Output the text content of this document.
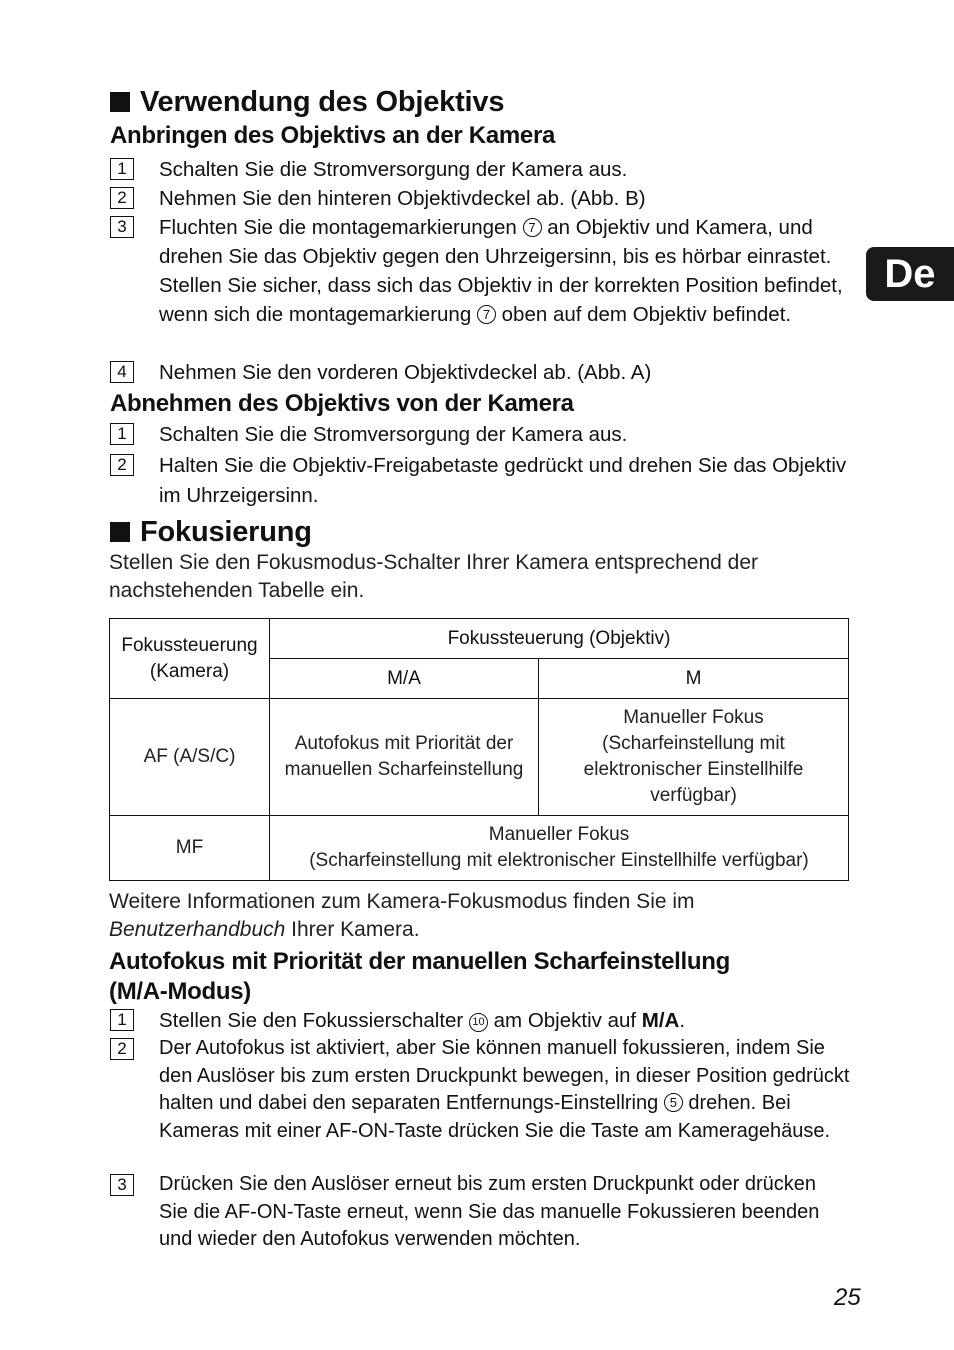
De
Verwendung des Objektivs
Anbringen des Objektivs an der Kamera
1	Schalten Sie die Stromversorgung der Kamera aus.
2	Nehmen Sie den hinteren Objektivdeckel ab. (Abb. B)
3	Fluchten Sie die montagemarkierungen 7 an Objektiv und Kamera, und drehen Sie das Objektiv gegen den Uhrzeigersinn, bis es hörbar einrastet. Stellen Sie sicher, dass sich das Objektiv in der korrekten Position befindet, wenn sich die montagemarkierung 7 oben auf dem Objektiv befindet.
4	Nehmen Sie den vorderen Objektivdeckel ab. (Abb. A)
Abnehmen des Objektivs von der Kamera
1	Schalten Sie die Stromversorgung der Kamera aus.
2	Halten Sie die Objektiv-Freigabetaste gedrückt und drehen Sie das Objektiv im Uhrzeigersinn.
Fokusierung
Stellen Sie den Fokusmodus-Schalter Ihrer Kamera entsprechend der nachstehenden Tabelle ein.
Fokussteuerung
(Kamera)	Fokussteuerung (Objektiv)	
	M/A	M
AF (A/S/C)	Autofokus mit Priorität der manuellen Scharfeinstellung	Manueller Fokus (Scharfeinstellung mit elektronischer Einstellhilfe verfügbar)
MF	Manueller Fokus
(Scharfeinstellung mit elektronischer Einstellhilfe verfügbar)	
Weitere Informationen zum Kamera-Fokusmodus finden Sie im Benutzerhandbuch Ihrer Kamera.
Autofokus mit Priorität der manuellen Scharfeinstellung
(M/A-Modus)
1	Stellen Sie den Fokussierschalter 10 am Objektiv auf M/A.
2	Der Autofokus ist aktiviert, aber Sie können manuell fokussieren, indem Sie den Auslöser bis zum ersten Druckpunkt bewegen, in dieser Position gedrückt halten und dabei den separaten Entfernungs-Einstellring 5 drehen. Bei Kameras mit einer AF-ON-Taste drücken Sie die Taste am Kameragehäuse.
3	Drücken Sie den Auslöser erneut bis zum ersten Druckpunkt oder drücken Sie die AF-ON-Taste erneut, wenn Sie das manuelle Fokussieren beenden und wieder den Autofokus verwenden möchten.
25
